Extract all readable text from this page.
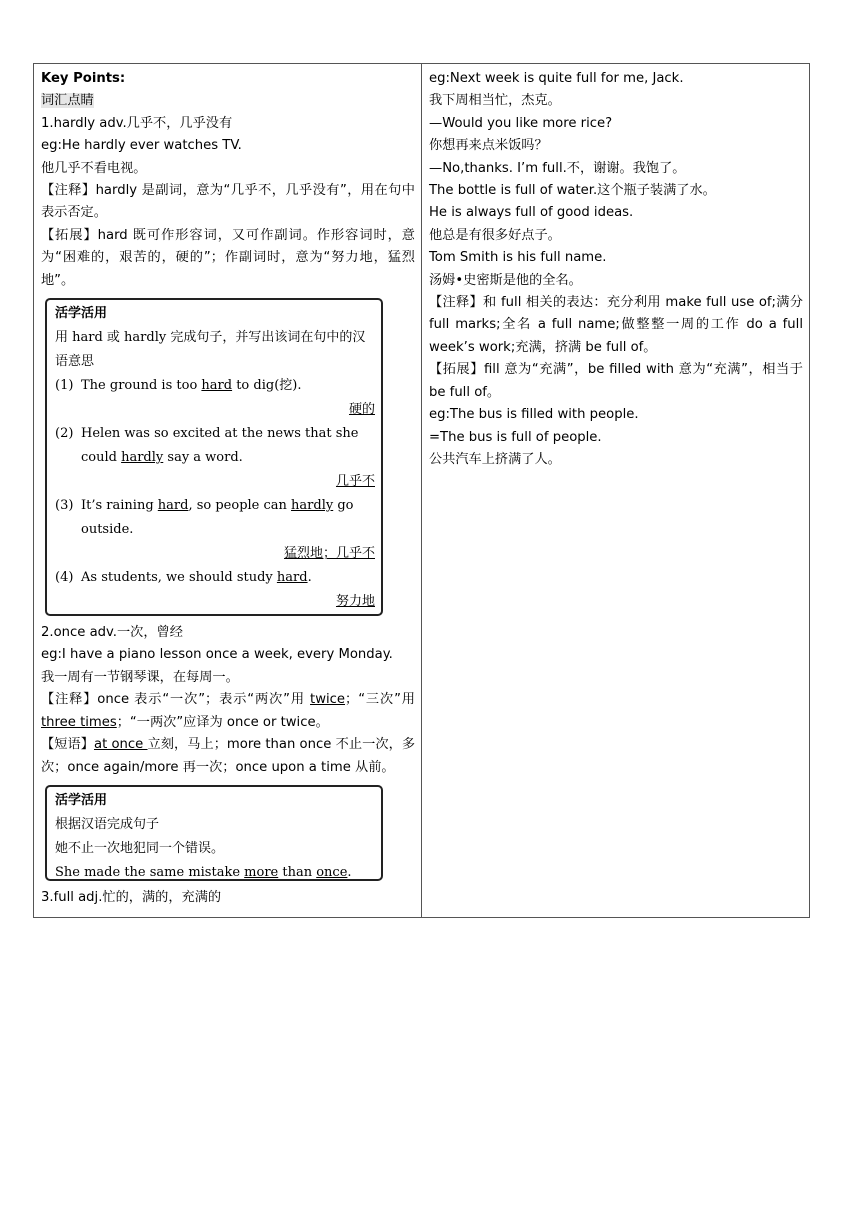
Key Points:
词汇点睛
1.hardly adv.几乎不，几乎没有
eg:He hardly ever watches TV.
他几乎不看电视。
【注释】hardly 是副词，意为“几乎不，几乎没有”，用在句中表示否定。
【拓展】hard 既可作形容词，又可作副词。作形容词时，意为“困难的，艰苦的，硬的”；作副词时，意为“努力地，猛烈地”。
活学活用
用 hard 或 hardly 完成句子，并写出该词在句中的汉语意思
(1) The ground is too hard to dig(挖).
硬的
(2) Helen was so excited at the news that she could hardly say a word.
几乎不
(3) It’s raining hard, so people can hardly go outside.
猛烈地；几乎不
(4) As students, we should study hard.
努力地
2.once adv.一次，曾经
eg:I have a piano lesson once a week, every Monday.
我一周有一节钢琴课，在每周一。
【注释】once 表示“一次”；表示“两次”用 twice；“三次”用 three times；“一两次”应译为 once or twice。
【短语】at once 立刻，马上；more than once 不止一次，多次；once again/more 再一次；once upon a time 从前。
活学活用
根据汉语完成句子
她不止一次地犯同一个错误。
She made the same mistake more than once.
3.full adj.忙的，满的，充满的
eg:Next week is quite full for me, Jack.
我下周相当忙，杰克。
—Would you like more rice?
你想再来点米饭吗？
—No,thanks. I’m full.不，谢谢。我饱了。
The bottle is full of water.这个瓶子装满了水。
He is always full of good ideas.
他总是有很多好点子。
Tom Smith is his full name.
汤姆•史密斯是他的全名。
【注释】和 full 相关的表达：充分利用 make full use of;满分 full marks;全名 a full name;做整整一周的工作 do a full week’s work;充满，挤满 be full of。
【拓展】fill 意为“充满”，be filled with 意为“充满”，相当于 be full of。
eg:The bus is filled with people.
=The bus is full of people.
公共汽车上挤满了人。
